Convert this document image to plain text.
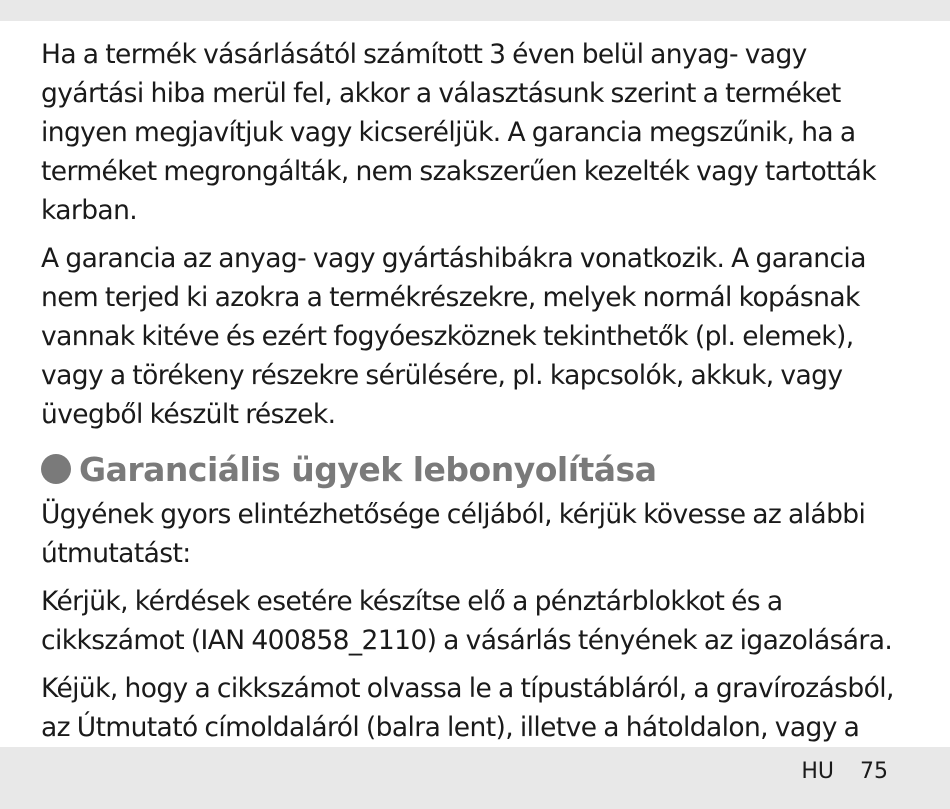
Ha a termék vásárlásától számított 3 éven belül anyag- vagy gyártási hiba merül fel, akkor a választásunk szerint a terméket ingyen megjavítjuk vagy kicseréljük. A garancia megszűnik, ha a terméket megrongálták, nem szakszerűen kezelték vagy tartották karban.

A garancia az anyag- vagy gyártáshibákra vonatkozik. A garancia nem terjed ki azokra a termékrészekre, melyek normál kopásnak vannak kitéve és ezért fogyóeszköznek tekinthetők (pl. elemek), vagy a törékeny részekre sérülésére, pl. kapcsolók, akkuk, vagy üvegből készült részek.

Garanciális ügyek lebonyolítása

Ügyének gyors elintézhetősége céljából, kérjük kövesse az alábbi útmutatást:

Kérjük, kérdések esetére készítse elő a pénztárblokkot és a cikkszámot (IAN 400858_2110) a vásárlás tényének az igazolására.

Kéjük, hogy a cikkszámot olvassa le a típustábláról, a gravírozásból, az Útmutató címoldaláról (balra lent), illetve a hátoldalon, vagy a

HU 75
